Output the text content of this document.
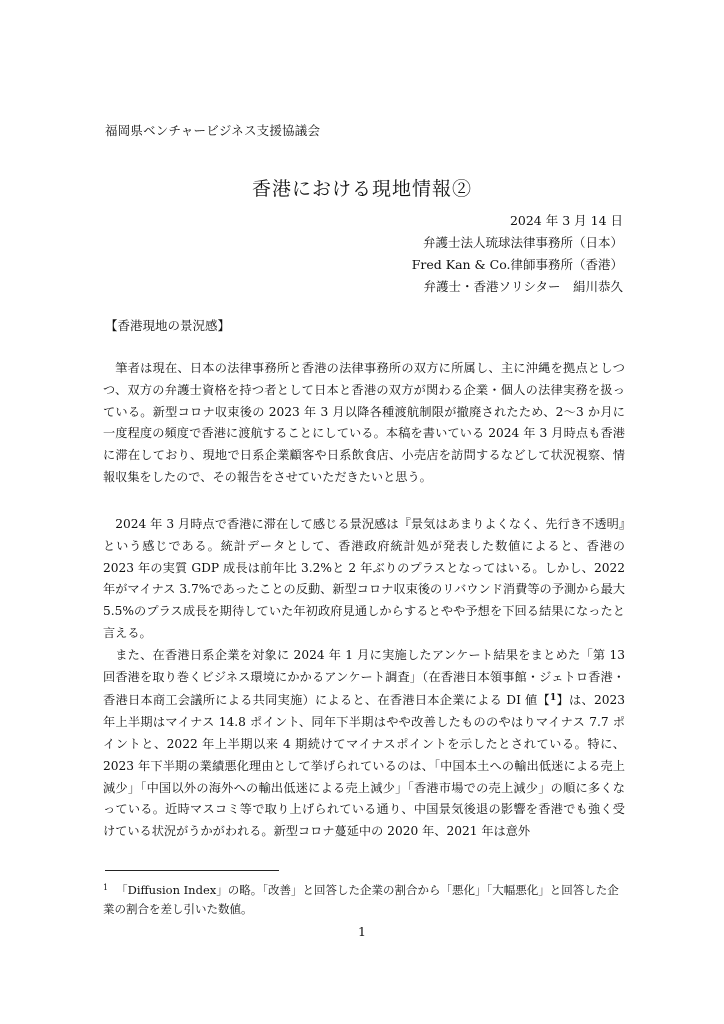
福岡県ベンチャービジネス支援協議会
香港における現地情報②
2024 年 3 月 14 日
弁護士法人琉球法律事務所（日本）
Fred Kan & Co.律師事務所（香港）
弁護士・香港ソリシター　絹川恭久
【香港現地の景況感】

筆者は現在、日本の法律事務所と香港の法律事務所の双方に所属し、主に沖縄を拠点としつつ、双方の弁護士資格を持つ者として日本と香港の双方が関わる企業・個人の法律実務を扱っている。新型コロナ収束後の 2023 年 3 月以降各種渡航制限が撤廃されたため、2〜3 か月に一度程度の頻度で香港に渡航することにしている。本稿を書いている 2024 年 3 月時点も香港に滞在しており、現地で日系企業顧客や日系飲食店、小売店を訪問するなどして状況視察、情報収集をしたので、その報告をさせていただきたいと思う。

2024 年 3 月時点で香港に滞在して感じる景況感は『景気はあまりよくなく、先行き不透明』という感じである。統計データとして、香港政府統計処が発表した数値によると、香港の 2023 年の実質 GDP 成長は前年比 3.2%と 2 年ぶりのプラスとなってはいる。しかし、2022 年がマイナス 3.7%であったことの反動、新型コロナ収束後のリバウンド消費等の予測から最大5.5%のプラス成長を期待していた年初政府見通しからするとやや予想を下回る結果になったと言える。
また、在香港日系企業を対象に 2024 年 1 月に実施したアンケート結果をまとめた「第 13 回香港を取り巻くビジネス環境にかかるアンケート調査」（在香港日本領事館・ジェトロ香港・香港日本商工会議所による共同実施）によると、在香港日本企業による DI 値【$^1$】は、2023 年上半期はマイナス 14.8 ポイント、同年下半期はやや改善したもののやはりマイナス 7.7 ポイントと、2022 年上半期以来 4 期続けてマイナスポイントを示したとされている。特に、2023 年下半期の業績悪化理由として挙げられているのは、「中国本土への輸出低迷による売上減少」「中国以外の海外への輸出低迷による売上減少」「香港市場での売上減少」の順に多くなっている。近時マスコミ等で取り上げられている通り、中国景気後退の影響を香港でも強く受けている状況がうかがわれる。新型コロナ蔓延中の 2020 年、2021 年は意外

$^1$ 「Diffusion Index」の略。「改善」と回答した企業の割合から「悪化」「大幅悪化」と回答した企業の割合を差し引いた数値。

1
